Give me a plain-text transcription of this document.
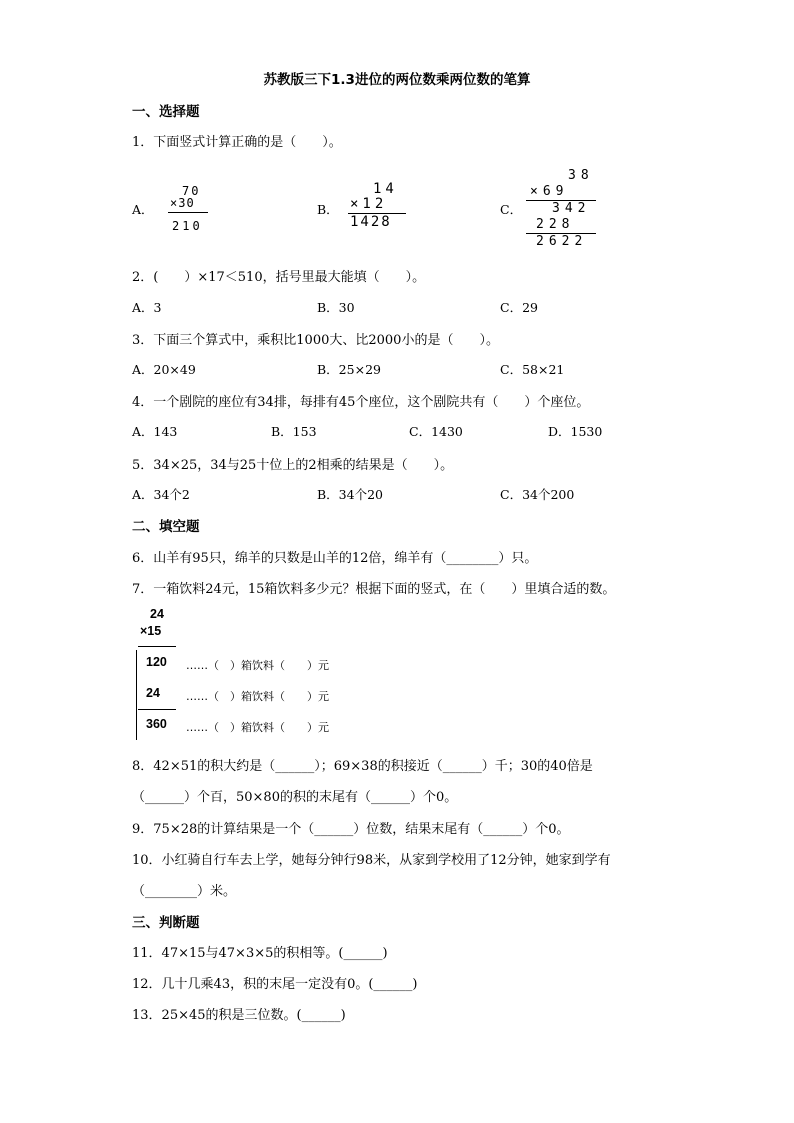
苏教版三下1.3进位的两位数乘两位数的笔算
一、选择题
1．下面竖式计算正确的是（　　）。
A．
70
×30
210
B．
14
×12
1428
C．
38
×69
342
228
2622
2．(　　）×17＜510，括号里最大能填（　　）。
A．3	B．30	C．29
3．下面三个算式中，乘积比1000大、比2000小的是（　　）。
A．20×49	B．25×29	C．58×21
4．一个剧院的座位有34排，每排有45个座位，这个剧院共有（　　）个座位。
A．143	B．153	C．1430	D．1530
5．34×25，34与25十位上的2相乘的结果是（　　）。
A．34个2	B．34个20	C．34个200
二、填空题
6．山羊有95只，绵羊的只数是山羊的12倍，绵羊有（________）只。
7．一箱饮料24元，15箱饮料多少元？根据下面的竖式，在（　　）里填合适的数。
24
×15
120 ……（　）箱饮料（　　）元
24 ……（　）箱饮料（　　）元
360 ……（　）箱饮料（　　）元
8．42×51的积大约是（______）；69×38的积接近（______）千；30的40倍是
（______）个百，50×80的积的末尾有（______）个0。
9．75×28的计算结果是一个（______）位数，结果末尾有（______）个0。
10．小红骑自行车去上学，她每分钟行98米，从家到学校用了12分钟，她家到学有
（________）米。
三、判断题
11．47×15与47×3×5的积相等。(______)
12．几十几乘43，积的末尾一定没有0。(______)
13．25×45的积是三位数。(______)
